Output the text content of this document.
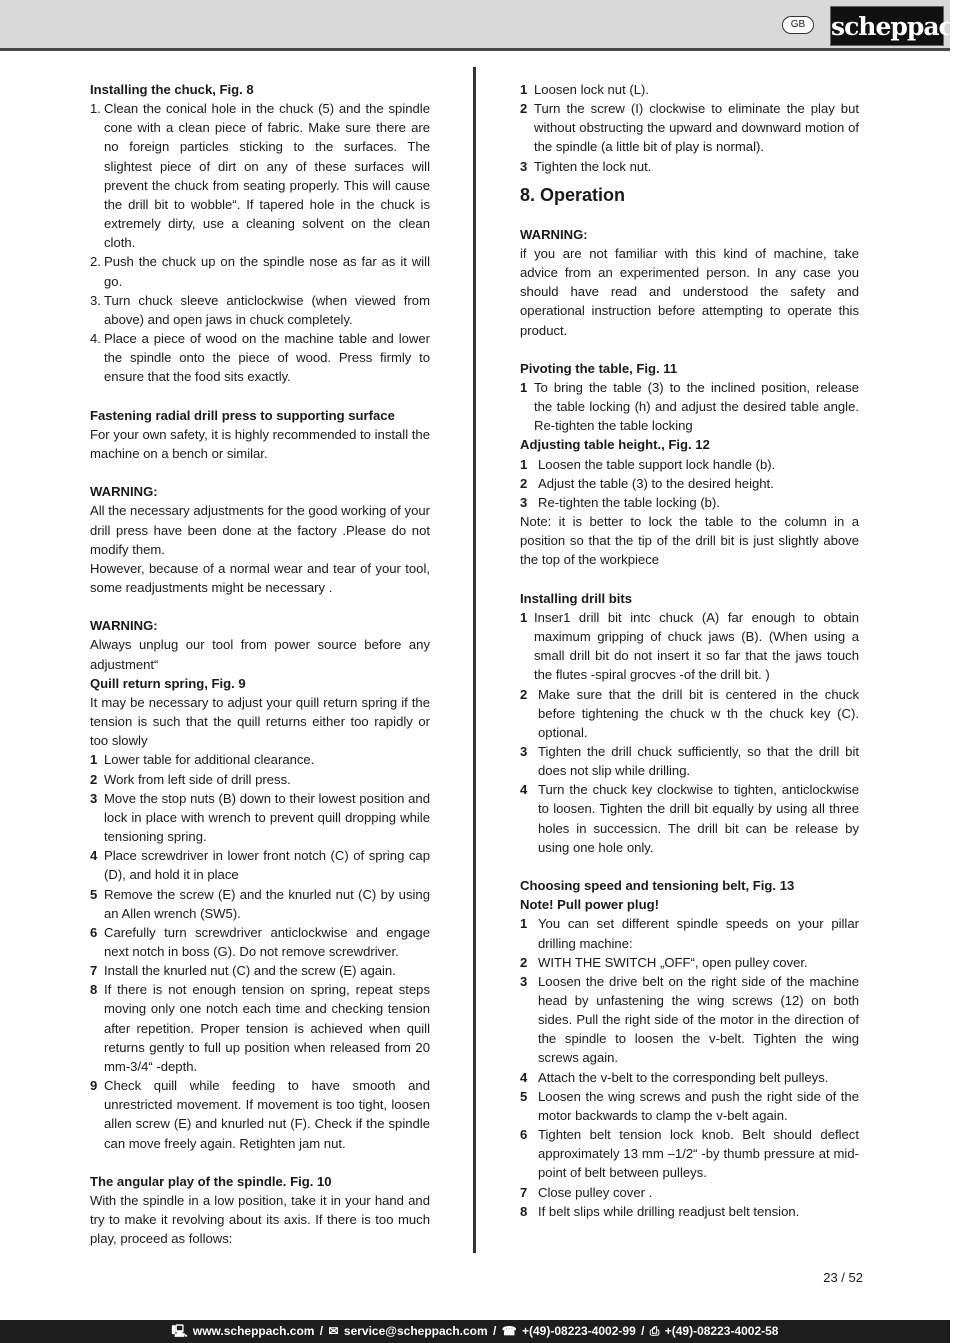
GB	scheppach

Installing the chuck, Fig. 8

1. Clean the conical hole in the chuck (5) and the spindle cone with a clean piece of fabric. Make sure there are no foreign particles sticking to the surfaces. The slightest piece of dirt on any of these surfaces will prevent the chuck from seating properly. This will cause the drill bit to wobble“. If tapered hole in the chuck is extremely dirty, use a cleaning solvent on the clean cloth.
2. Push the chuck up on the spindle nose as far as it will go.
3. Turn chuck sleeve anticlockwise (when viewed from above) and open jaws in chuck completely.
4. Place a piece of wood on the machine table and lower the spindle onto the piece of wood. Press firmly to ensure that the food sits exactly.

Fastening radial drill press to supporting surface

For your own safety, it is highly recommended to install the machine on a bench or similar.

WARNING:

All the necessary adjustments for the good working of your drill press have been done at the factory .Please do not modify them.

However, because of a normal wear and tear of your tool, some readjustments might be necessary .

WARNING:

Always unplug our tool from power source before any adjustment“

Quill return spring, Fig. 9

It may be necessary to adjust your quill return spring if the tension is such that the quill returns either too rapidly or too slowly

1 Lower table for additional clearance.
2 Work from left side of drill press.
3 Move the stop nuts (B) down to their lowest position and lock in place with wrench to prevent quill dropping while tensioning spring.
4 Place screwdriver in lower front notch (C) of spring cap (D), and hold it in place
5 Remove the screw (E) and the knurled nut (C) by using an Allen wrench (SW5).
6 Carefully turn screwdriver anticlockwise and engage next notch in boss (G). Do not remove screwdriver.
7 Install the knurled nut (C) and the screw (E) again.
8 If there is not enough tension on spring, repeat steps moving only one notch each time and checking tension after repetition. Proper tension is achieved when quill returns gently to full up position when released from 20 mm-3/4“ -depth.
9 Check quill while feeding to have smooth and unrestricted movement. If movement is too tight, loosen allen screw (E) and knurled nut (F). Check if the spindle can move freely again. Retighten jam nut.

The angular play of the spindle. Fig. 10

With the spindle in a low position, take it in your hand and try to make it revolving about its axis. If there is too much play, proceed as follows:

1 Loosen lock nut (L).
2 Turn the screw (I) clockwise to eliminate the play but without obstructing the upward and downward motion of the spindle (a little bit of play is normal).
3 Tighten the lock nut.
8. Operation

WARNING:

if you are not familiar with this kind of machine, take advice from an experimented person. In any case you should have read and understood the safety and operational instruction before attempting to operate this product.

Pivoting the table, Fig. 11

1 To bring the table (3) to the inclined position, release the table locking (h) and adjust the desired table angle. Re-tighten the table locking

Adjusting table height., Fig. 12

1 Loosen the table support lock handle (b).
2 Adjust the table (3) to the desired height.
3 Re-tighten the table locking (b).

Note: it is better to lock the table to the column in a position so that the tip of the drill bit is just slightly above the top of the workpiece

Installing drill bits

1 Inser1 drill bit intc chuck (A) far enough to obtain maximum gripping of chuck jaws (B). (When using a small drill bit do not insert it so far that the jaws touch the flutes -spiral grocves -of the drill bit. )
2 Make sure that the drill bit is centered in the chuck before tightening the chuck w th the chuck key (C). optional.
3 Tighten the drill chuck sufficiently, so that the drill bit does not slip while drilling.
4 Turn the chuck key clockwise to tighten, anticlockwise to loosen. Tighten the drill bit equally by using all three holes in successicn. The drill bit can be release by using one hole only.

Choosing speed and tensioning belt, Fig. 13

Note! Pull power plug!

1 You can set different spindle speeds on your pillar drilling machine:
2 WITH THE SWITCH „OFF“, open pulley cover.
3 Loosen the drive belt on the right side of the machine head by unfastening the wing screws (12) on both sides. Pull the right side of the motor in the direction of the spindle to loosen the v-belt. Tighten the wing screws again.
4 Attach the v-belt to the corresponding belt pulleys.
5 Loosen the wing screws and push the right side of the motor backwards to clamp the v-belt again.
6 Tighten belt tension lock knob. Belt should deflect approximately 13 mm –1/2“ -by thumb pressure at mid-point of belt between pulleys.
7 Close pulley cover .
8 If belt slips while drilling readjust belt tension.
23 / 52
🖳︎ www.scheppach.com / ✉ service@scheppach.com / ☎ +(49)-08223-4002-99 / ⎙ +(49)-08223-4002-58
